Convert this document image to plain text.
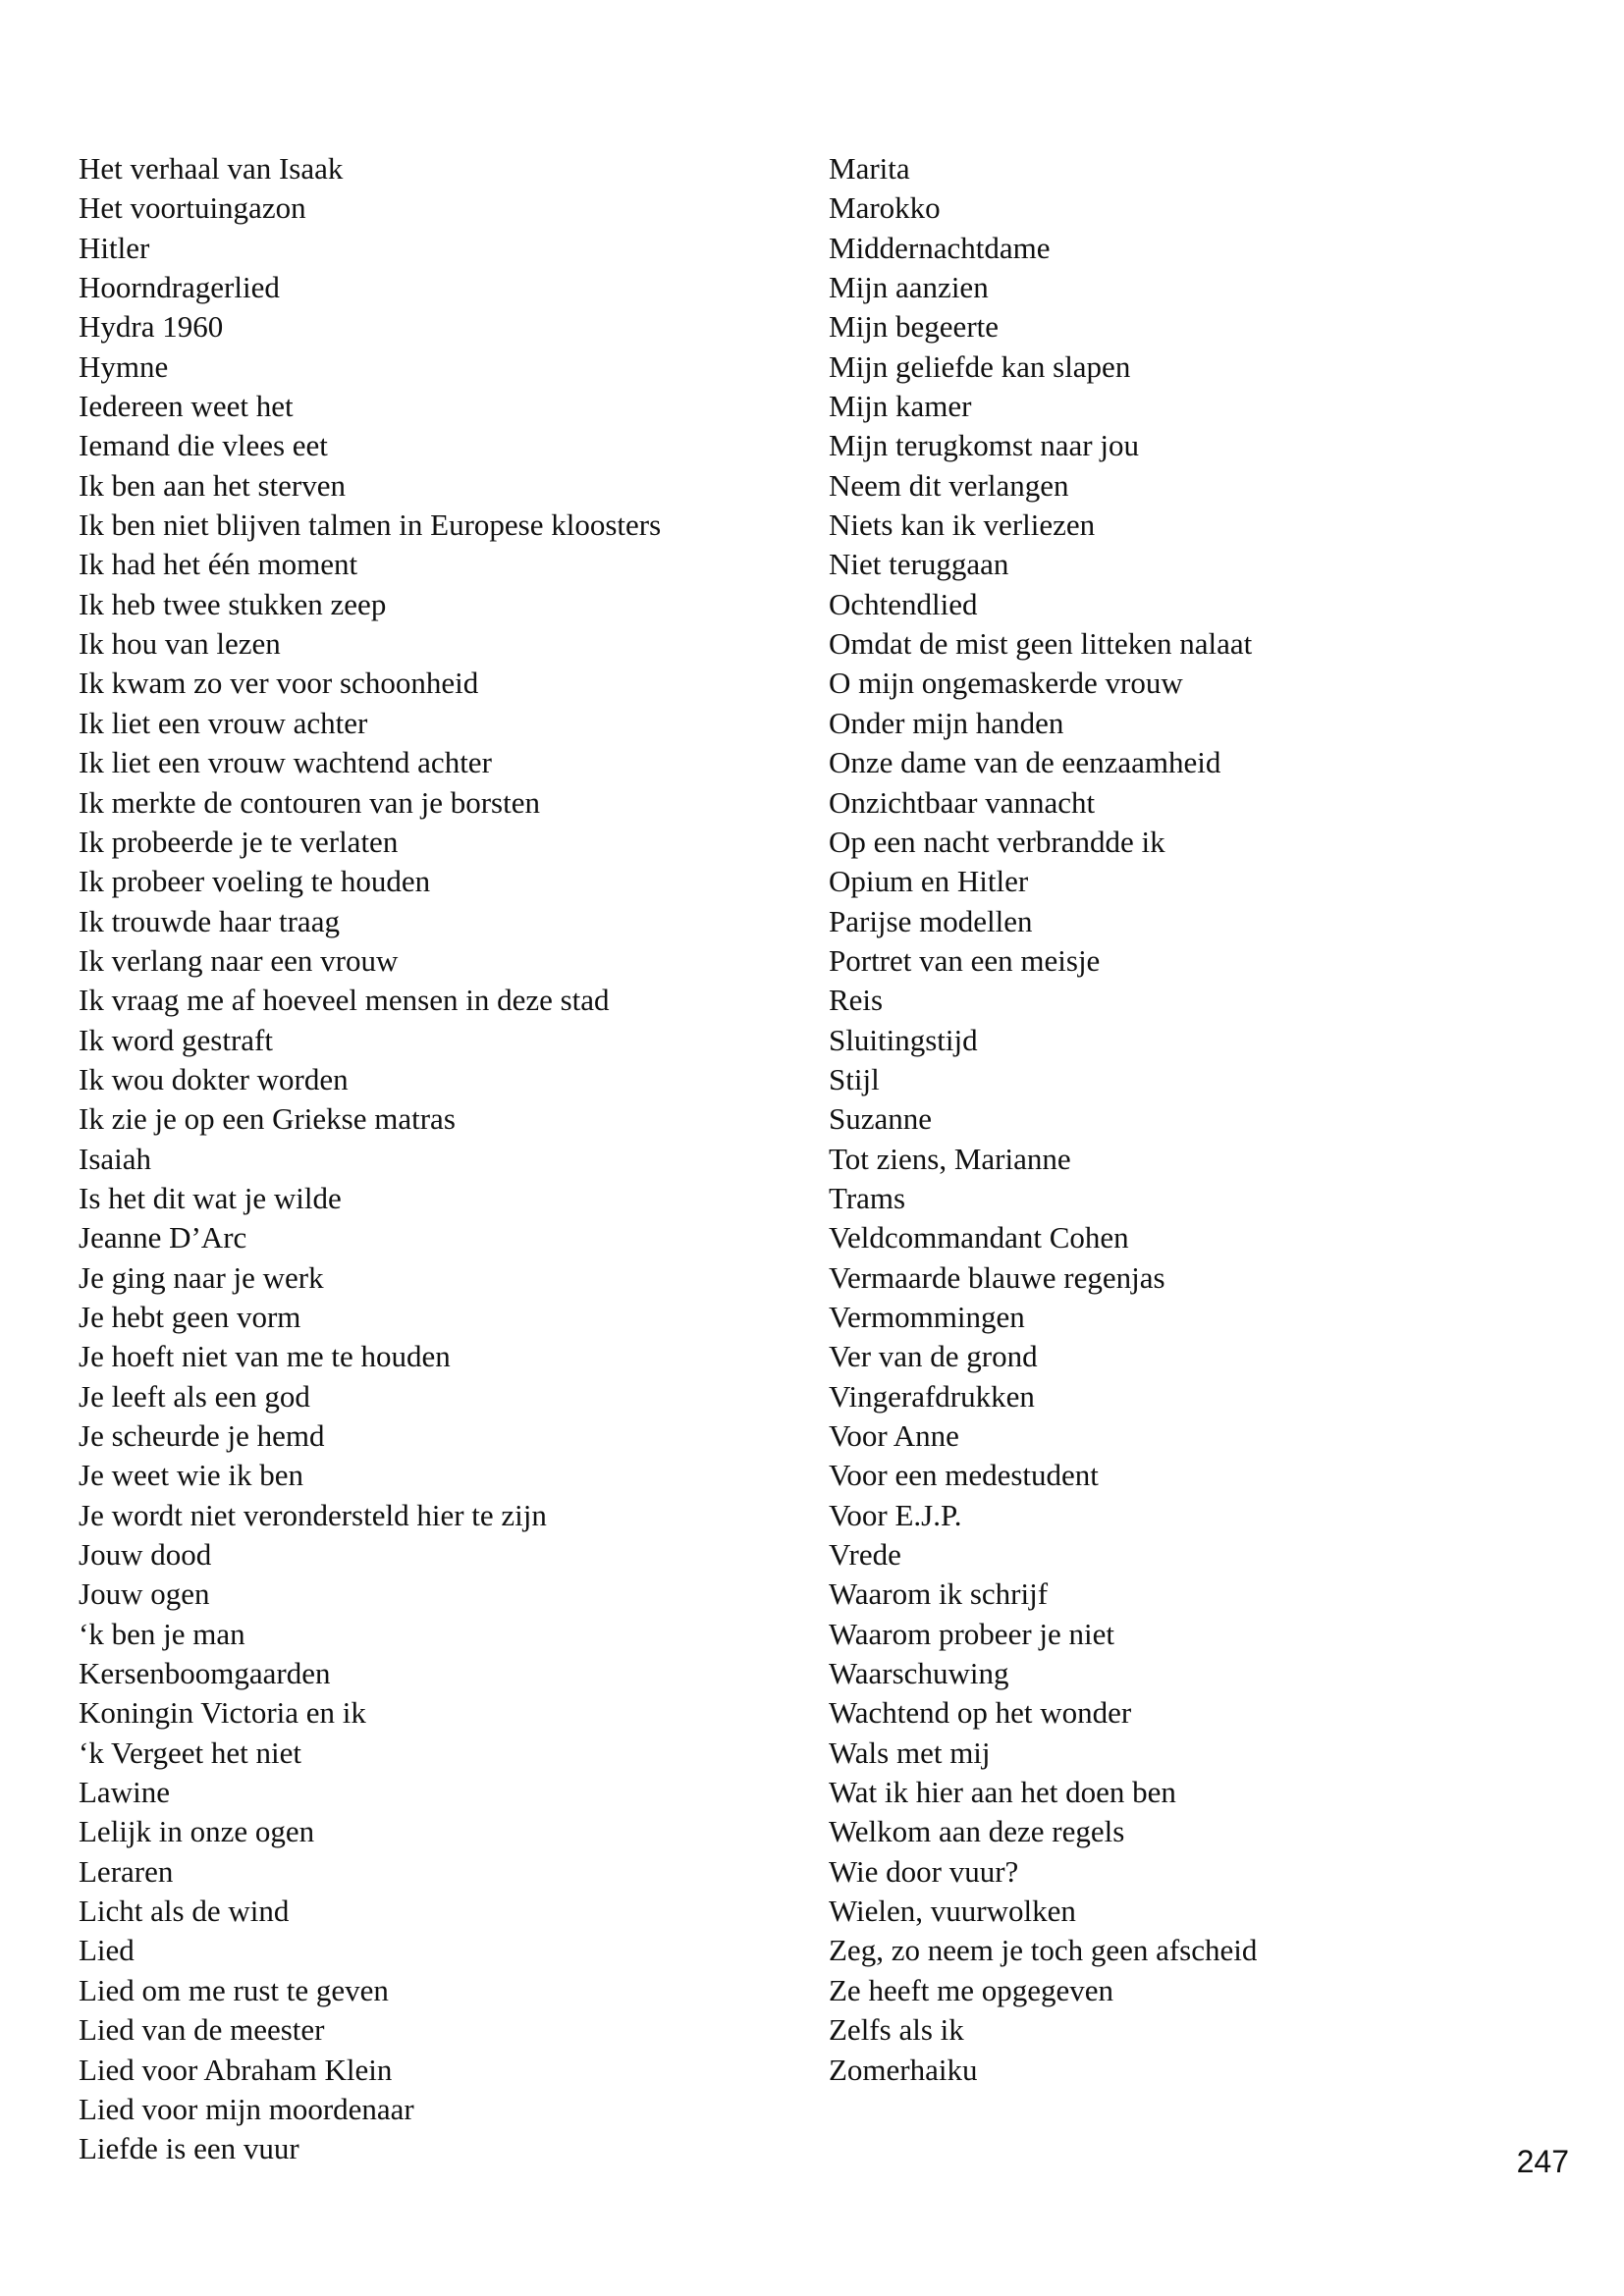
Het verhaal van Isaak
Het voortuingazon
Hitler
Hoorndragerlied
Hydra 1960
Hymne
Iedereen weet het
Iemand die vlees eet
Ik ben aan het sterven
Ik ben niet blijven talmen in Europese kloosters
Ik had het één moment
Ik heb twee stukken zeep
Ik hou van lezen
Ik kwam zo ver voor schoonheid
Ik liet een vrouw achter
Ik liet een vrouw wachtend achter
Ik merkte de contouren van je borsten
Ik probeerde je te verlaten
Ik probeer voeling te houden
Ik trouwde haar traag
Ik verlang naar een vrouw
Ik vraag me af hoeveel mensen in deze stad
Ik word gestraft
Ik wou dokter worden
Ik zie je op een Griekse matras
Isaiah
Is het dit wat je wilde
Jeanne D’Arc
Je ging naar je werk
Je hebt geen vorm
Je hoeft niet van me te houden
Je leeft als een god
Je scheurde je hemd
Je weet wie ik ben
Je wordt niet verondersteld hier te zijn
Jouw dood
Jouw ogen
‘k ben je man
Kersenboomgaarden
Koningin Victoria en ik
‘k Vergeet het niet
Lawine
Lelijk in onze ogen
Leraren
Licht als de wind
Lied
Lied om me rust te geven
Lied van de meester
Lied voor Abraham Klein
Lied voor mijn moordenaar
Liefde is een vuur
Marita
Marokko
Middernachtdame
Mijn aanzien
Mijn begeerte
Mijn geliefde kan slapen
Mijn kamer
Mijn terugkomst naar jou
Neem dit verlangen
Niets kan ik verliezen
Niet teruggaan
Ochtendlied
Omdat de mist geen litteken nalaat
O mijn ongemaskerde vrouw
Onder mijn handen
Onze dame van de eenzaamheid
Onzichtbaar vannacht
Op een nacht verbrandde ik
Opium en Hitler
Parijse modellen
Portret van een meisje
Reis
Sluitingstijd
Stijl
Suzanne
Tot ziens, Marianne
Trams
Veldcommandant Cohen
Vermaarde blauwe regenjas
Vermommingen
Ver van de grond
Vingerafdrukken
Voor Anne
Voor een medestudent
Voor E.J.P.
Vrede
Waarom ik schrijf
Waarom probeer je niet
Waarschuwing
Wachtend op het wonder
Wals met mij
Wat ik hier aan het doen ben
Welkom aan deze regels
Wie door vuur?
Wielen, vuurwolken
Zeg, zo neem je toch geen afscheid
Ze heeft me opgegeven
Zelfs als ik
Zomerhaiku
247
